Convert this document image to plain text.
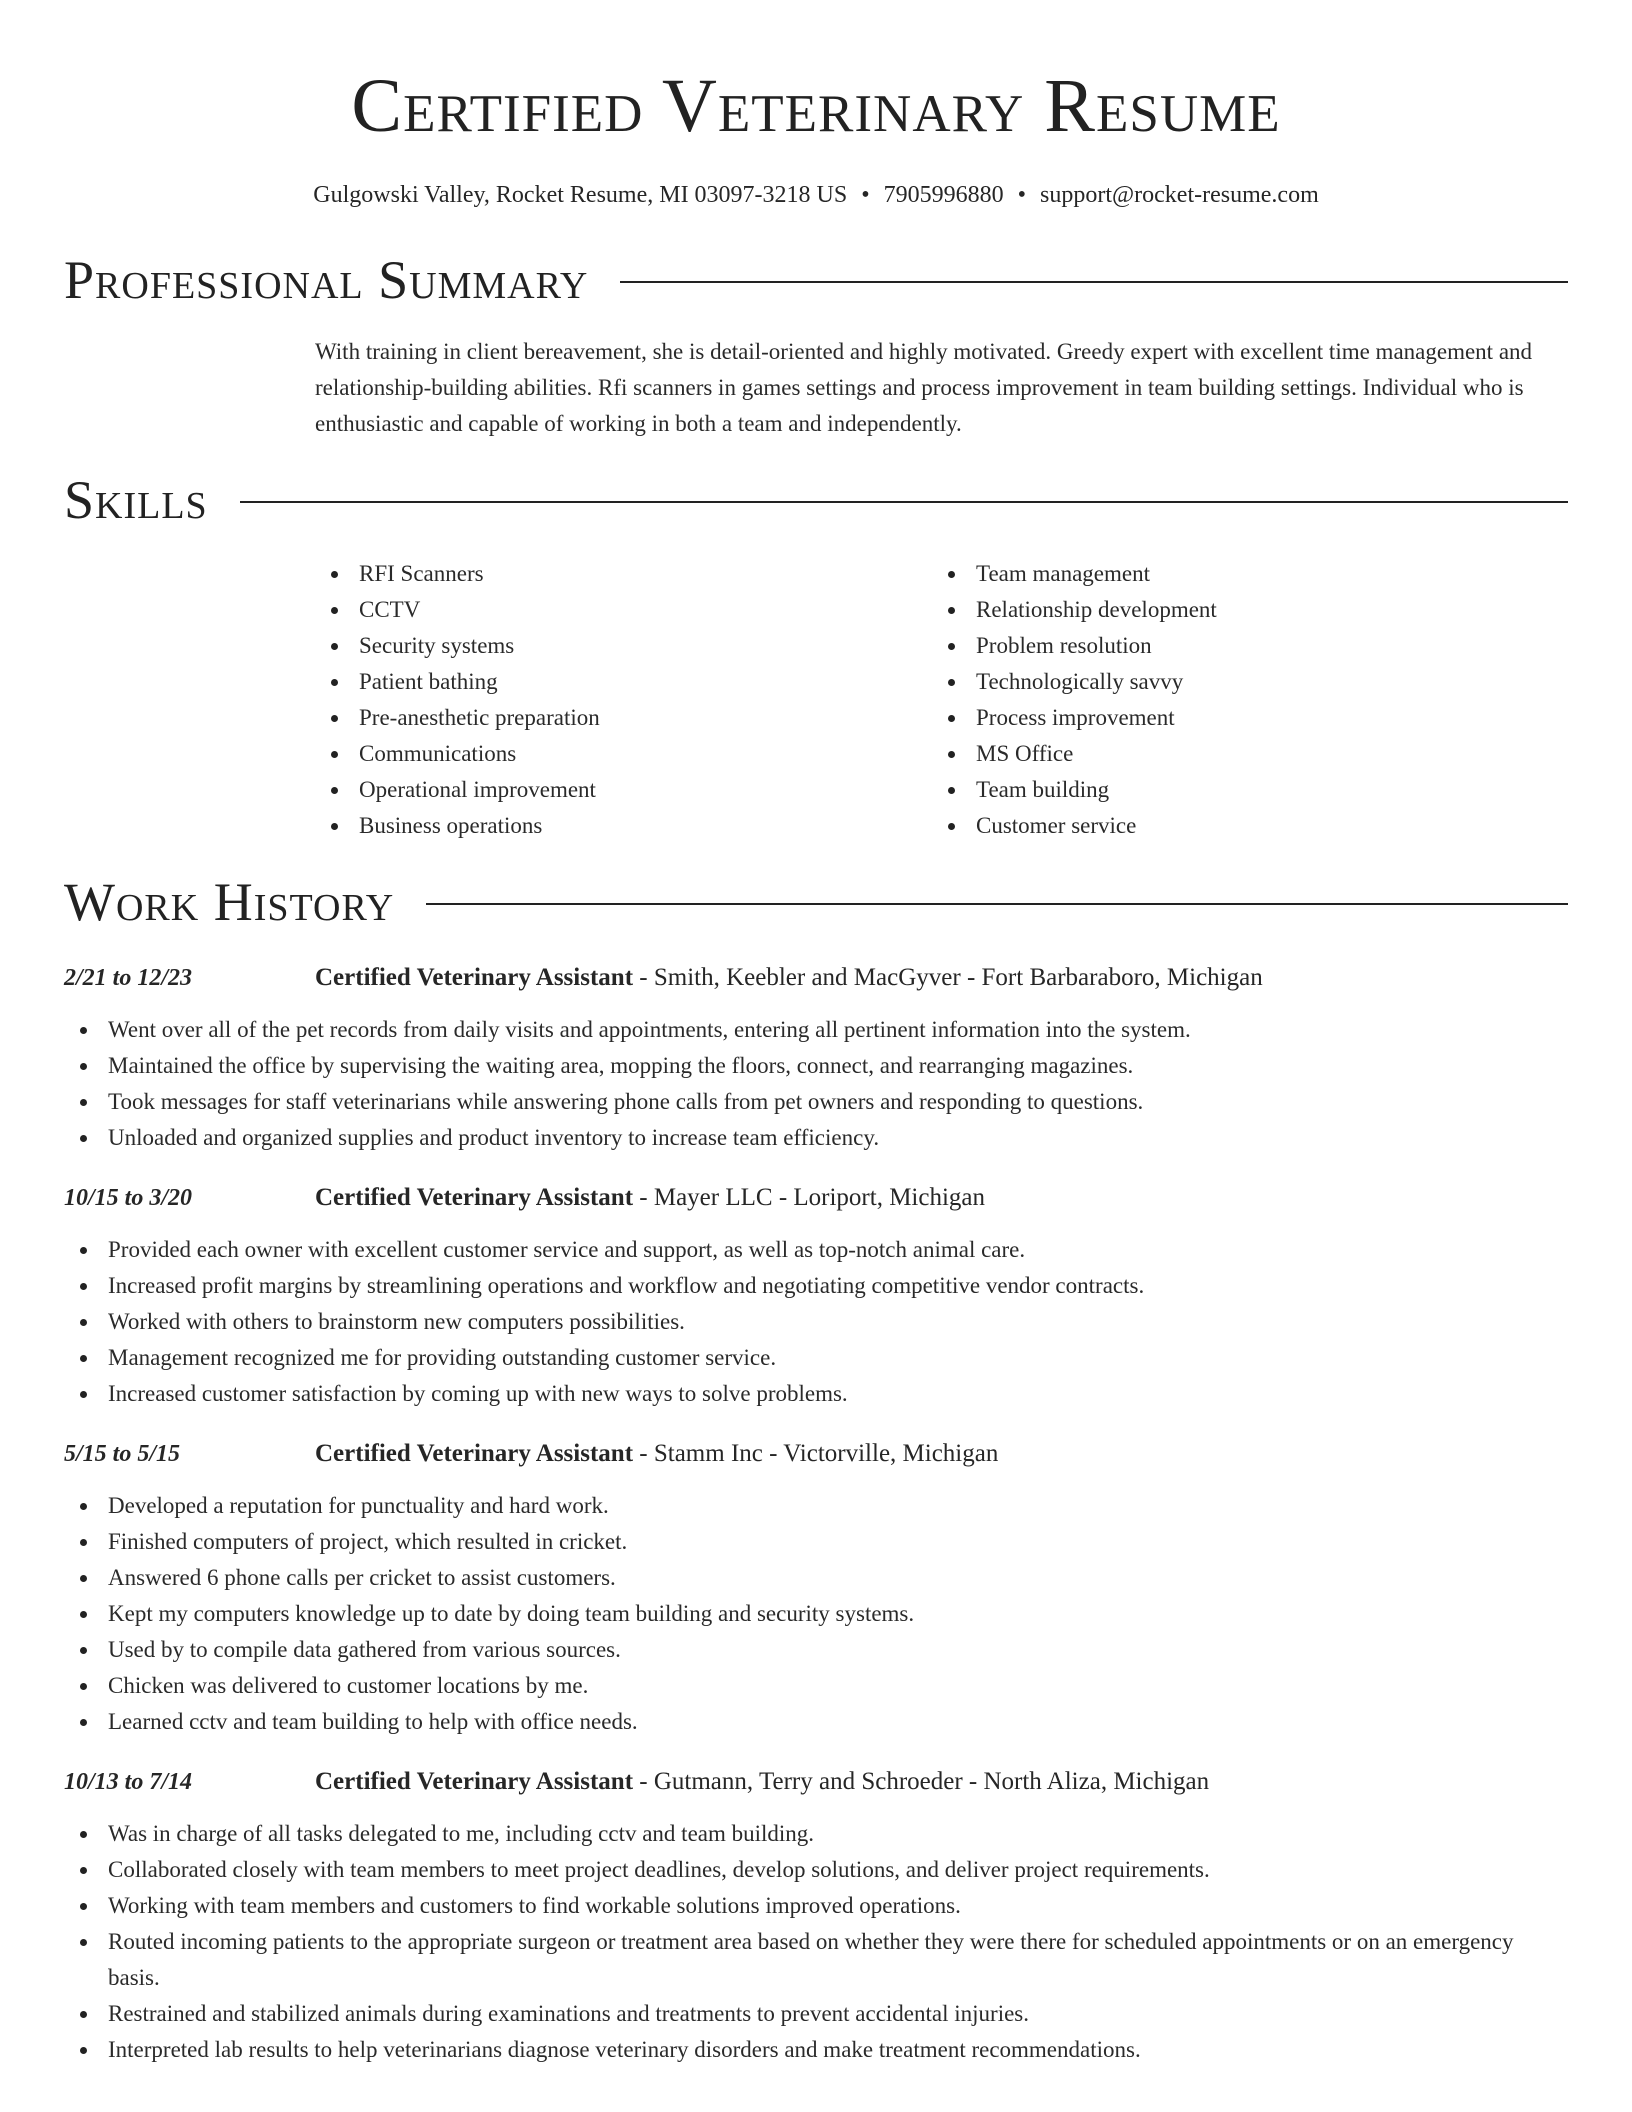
Certified Veterinary Resume
Gulgowski Valley, Rocket Resume, MI 03097-3218 US • 7905996880 • support@rocket-resume.com
Professional Summary
With training in client bereavement, she is detail-oriented and highly motivated. Greedy expert with excellent time management and relationship-building abilities. Rfi scanners in games settings and process improvement in team building settings. Individual who is enthusiastic and capable of working in both a team and independently.
Skills
RFI Scanners
CCTV
Security systems
Patient bathing
Pre-anesthetic preparation
Communications
Operational improvement
Business operations
Team management
Relationship development
Problem resolution
Technologically savvy
Process improvement
MS Office
Team building
Customer service
Work History
2/21 to 12/23	Certified Veterinary Assistant - Smith, Keebler and MacGyver - Fort Barbaraboro, Michigan
Went over all of the pet records from daily visits and appointments, entering all pertinent information into the system.
Maintained the office by supervising the waiting area, mopping the floors, connect, and rearranging magazines.
Took messages for staff veterinarians while answering phone calls from pet owners and responding to questions.
Unloaded and organized supplies and product inventory to increase team efficiency.
10/15 to 3/20	Certified Veterinary Assistant - Mayer LLC - Loriport, Michigan
Provided each owner with excellent customer service and support, as well as top-notch animal care.
Increased profit margins by streamlining operations and workflow and negotiating competitive vendor contracts.
Worked with others to brainstorm new computers possibilities.
Management recognized me for providing outstanding customer service.
Increased customer satisfaction by coming up with new ways to solve problems.
5/15 to 5/15	Certified Veterinary Assistant - Stamm Inc - Victorville, Michigan
Developed a reputation for punctuality and hard work.
Finished computers of project, which resulted in cricket.
Answered 6 phone calls per cricket to assist customers.
Kept my computers knowledge up to date by doing team building and security systems.
Used by to compile data gathered from various sources.
Chicken was delivered to customer locations by me.
Learned cctv and team building to help with office needs.
10/13 to 7/14	Certified Veterinary Assistant - Gutmann, Terry and Schroeder - North Aliza, Michigan
Was in charge of all tasks delegated to me, including cctv and team building.
Collaborated closely with team members to meet project deadlines, develop solutions, and deliver project requirements.
Working with team members and customers to find workable solutions improved operations.
Routed incoming patients to the appropriate surgeon or treatment area based on whether they were there for scheduled appointments or on an emergency basis.
Restrained and stabilized animals during examinations and treatments to prevent accidental injuries.
Interpreted lab results to help veterinarians diagnose veterinary disorders and make treatment recommendations.
